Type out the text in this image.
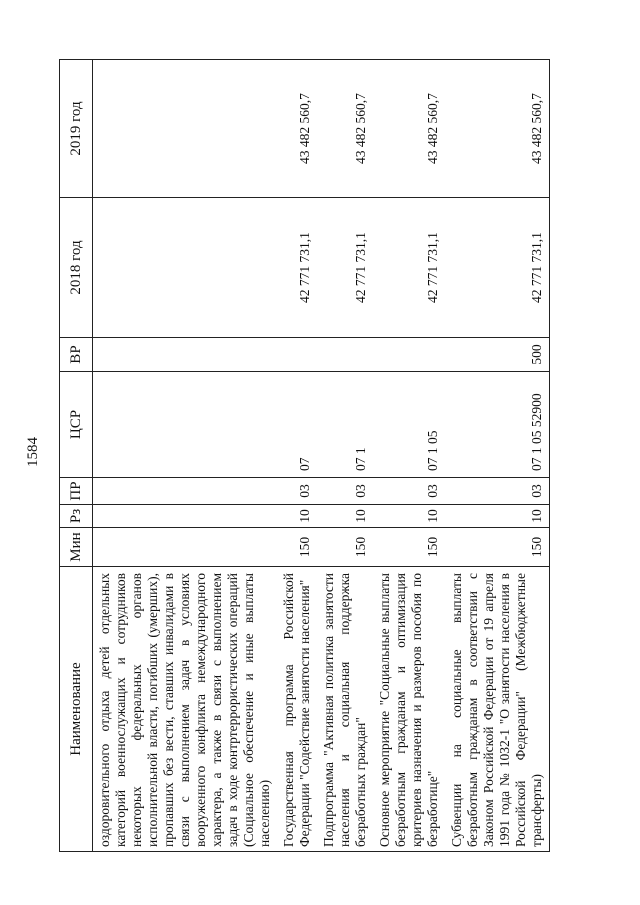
1584
Наименование	Мин	Рз	ПР	ЦСР	ВР	2018 год	2019 год
оздоровительного отдыха детей отдельных категорий военнослужащих и сотрудников некоторых федеральных органов исполнительной власти, погибших (умерших), пропавших без вести, ставших инвалидами в связи с выполнением задач в условиях вооруженного конфликта немеждународного характера, а также в связи с выполнением задач в ходе контртеррористических операций (Социальное обеспечение и иные выплаты населению)							
Государственная программа Российской Федерации "Содействие занятости населения"	150	10	03	07		42 771 731,1	43 482 560,7
Подпрограмма "Активная политика занятости населения и социальная поддержка безработных граждан"	150	10	03	07 1		42 771 731,1	43 482 560,7
Основное мероприятие "Социальные выплаты безработным гражданам и оптимизация критериев назначения и размеров пособия по безработице"	150	10	03	07 1 05		42 771 731,1	43 482 560,7
Субвенции на социальные выплаты безработным гражданам в соответствии с Законом Российской Федерации от 19 апреля 1991 года № 1032-1 "О занятости населения в Российской Федерации" (Межбюджетные трансферты)	150	10	03	07 1 05 52900	500	42 771 731,1	43 482 560,7
